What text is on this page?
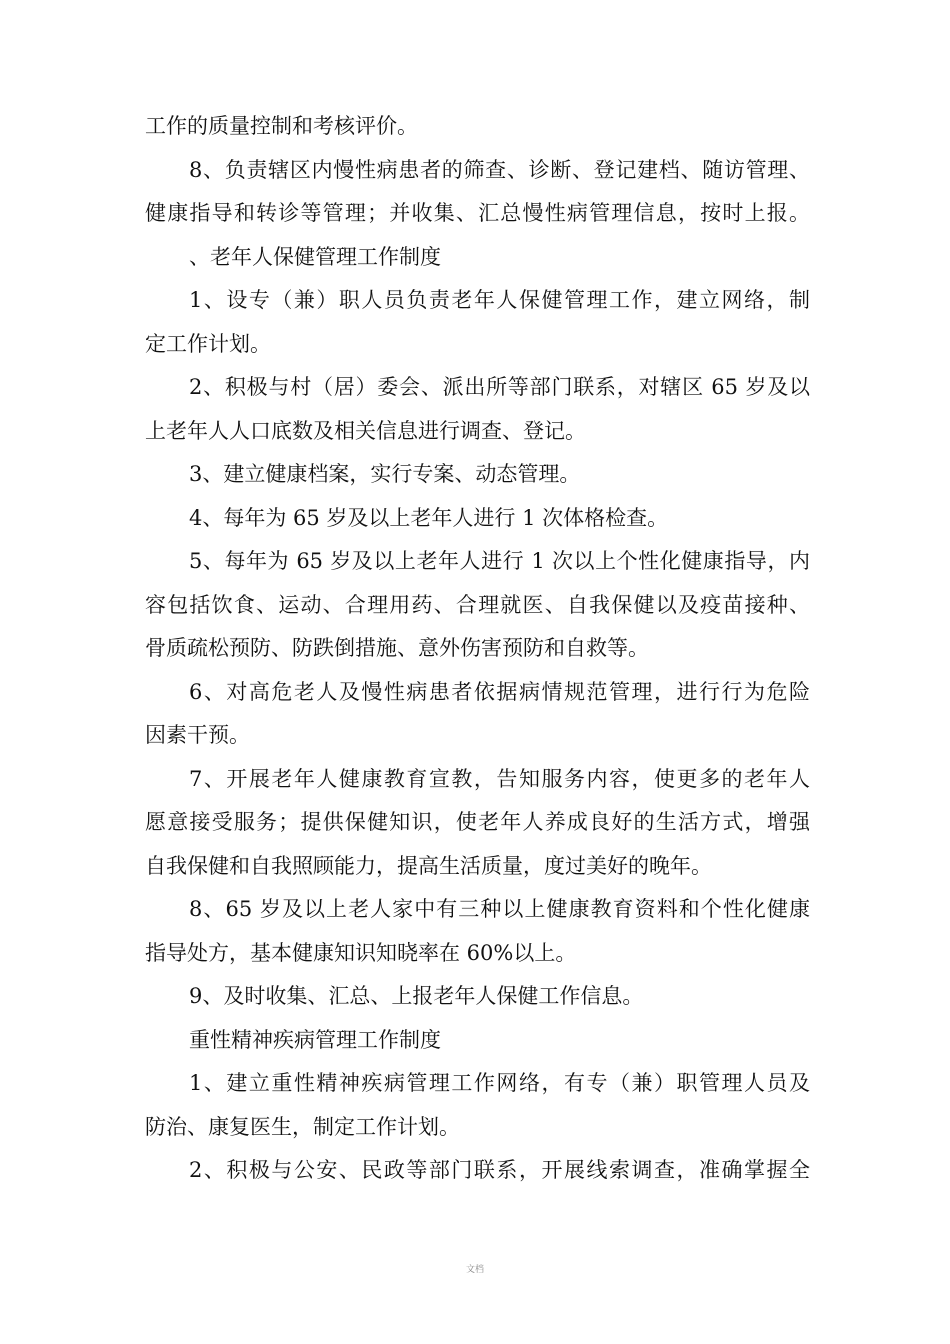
工作的质量控制和考核评价。
8、负责辖区内慢性病患者的筛查、诊断、登记建档、随访管理、
健康指导和转诊等管理；并收集、汇总慢性病管理信息，按时上报。
、老年人保健管理工作制度
1、设专（兼）职人员负责老年人保健管理工作，建立网络，制
定工作计划。
2、积极与村（居）委会、派出所等部门联系，对辖区 65 岁及以
上老年人人口底数及相关信息进行调查、登记。
3、建立健康档案，实行专案、动态管理。
4、每年为 65 岁及以上老年人进行 1 次体格检查。
5、每年为 65 岁及以上老年人进行 1 次以上个性化健康指导，内
容包括饮食、运动、合理用药、合理就医、自我保健以及疫苗接种、
骨质疏松预防、防跌倒措施、意外伤害预防和自救等。
6、对高危老人及慢性病患者依据病情规范管理，进行行为危险
因素干预。
7、开展老年人健康教育宣教，告知服务内容，使更多的老年人
愿意接受服务；提供保健知识，使老年人养成良好的生活方式，增强
自我保健和自我照顾能力，提高生活质量，度过美好的晚年。
8、65 岁及以上老人家中有三种以上健康教育资料和个性化健康
指导处方，基本健康知识知晓率在 60%以上。
9、及时收集、汇总、上报老年人保健工作信息。
重性精神疾病管理工作制度
1、建立重性精神疾病管理工作网络，有专（兼）职管理人员及
防治、康复医生，制定工作计划。
2、积极与公安、民政等部门联系，开展线索调查，准确掌握全
文档
